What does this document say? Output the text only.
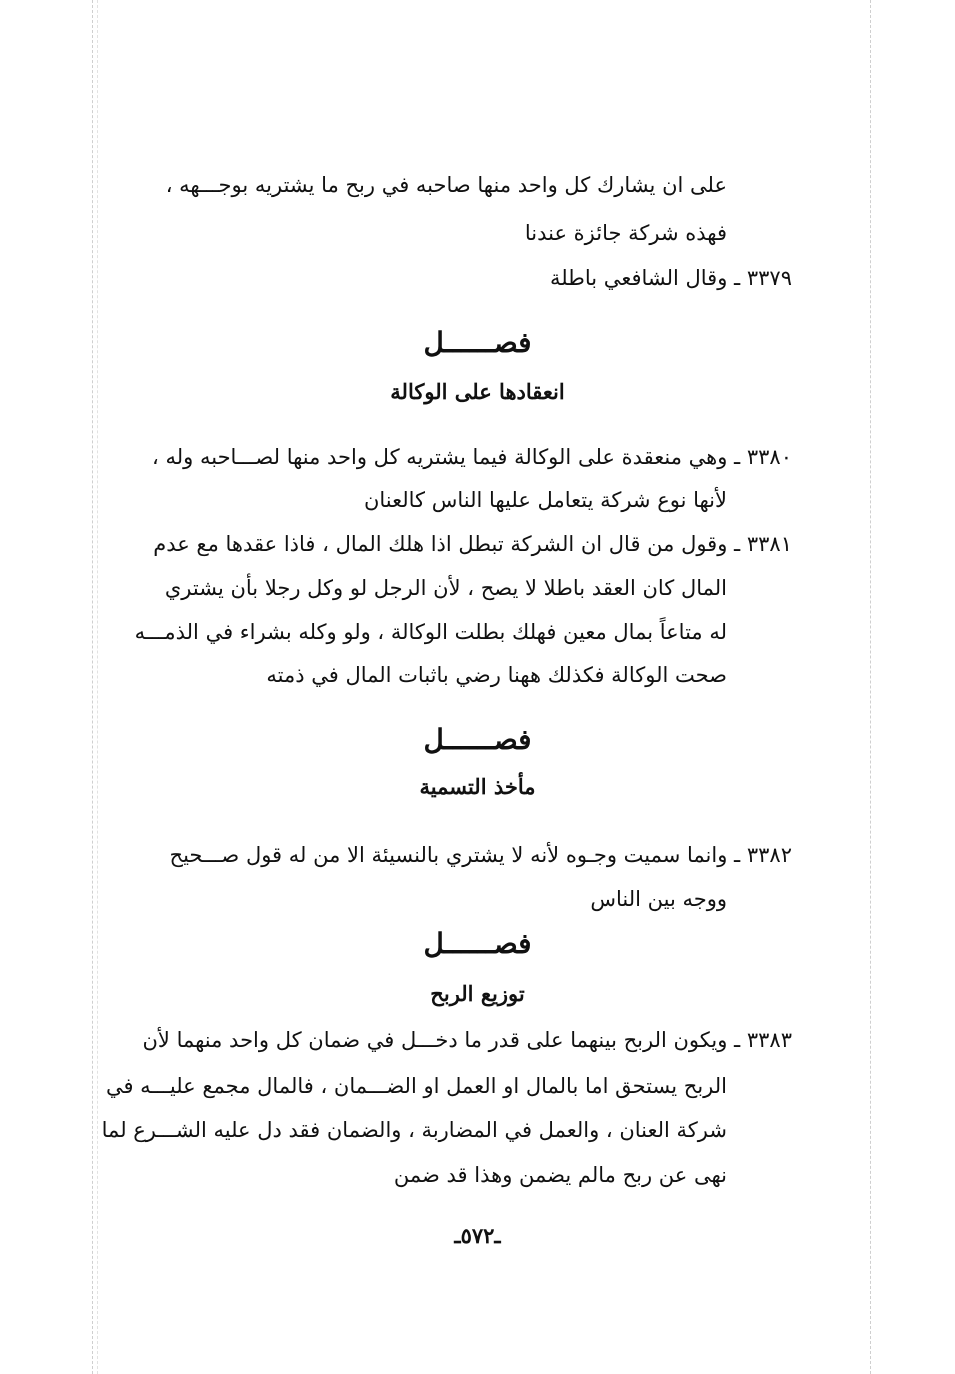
على ان يشارك كل واحد منها صاحبه في ربح ما يشتريه بوجـــهه ،
فهذه شركة جائزة عندنا
٣٣٧٩ ـ وقال الشافعي باطلة
فصــــــل
انعقادها على الوكالة
٣٣٨٠ ـ وهي منعقدة على الوكالة فيما يشتريه كل واحد منها لصـــاحبه وله ،
لأنها نوع شركة يتعامل عليها الناس كالعنان
٣٣٨١ ـ وقول من قال ان الشركة تبطل اذا هلك المال ، فاذا عقدها مع عدم
المال كان العقد باطلا لا يصح ، لأن الرجل لو وكل رجلا بأن يشتري
له متاعاً بمال معين فهلك بطلت الوكالة ، ولو وكله بشراء في الذمـــه
صحت الوكالة فكذلك ههنا رضي باثبات المال في ذمته
فصــــــل
مأخذ التسمية
٣٣٨٢ ـ وانما سميت وجـوه لأنه لا يشتري بالنسيئة الا من له قول صـــحيح
ووجه بين الناس
فصــــــل
توزيع الربح
٣٣٨٣ ـ ويكون الربح بينهما على قدر ما دخـــل في ضمان كل واحد منهما لأن
الربح يستحق اما بالمال او العمل او الضـــمان ، فالمال مجمع عليـــه في
شركة العنان ، والعمل في المضاربة ، والضمان فقد دل عليه الشـــرع لما
نهى عن ربح مالم يضمن وهذا قد ضمن
ـ٥٧٢ـ
